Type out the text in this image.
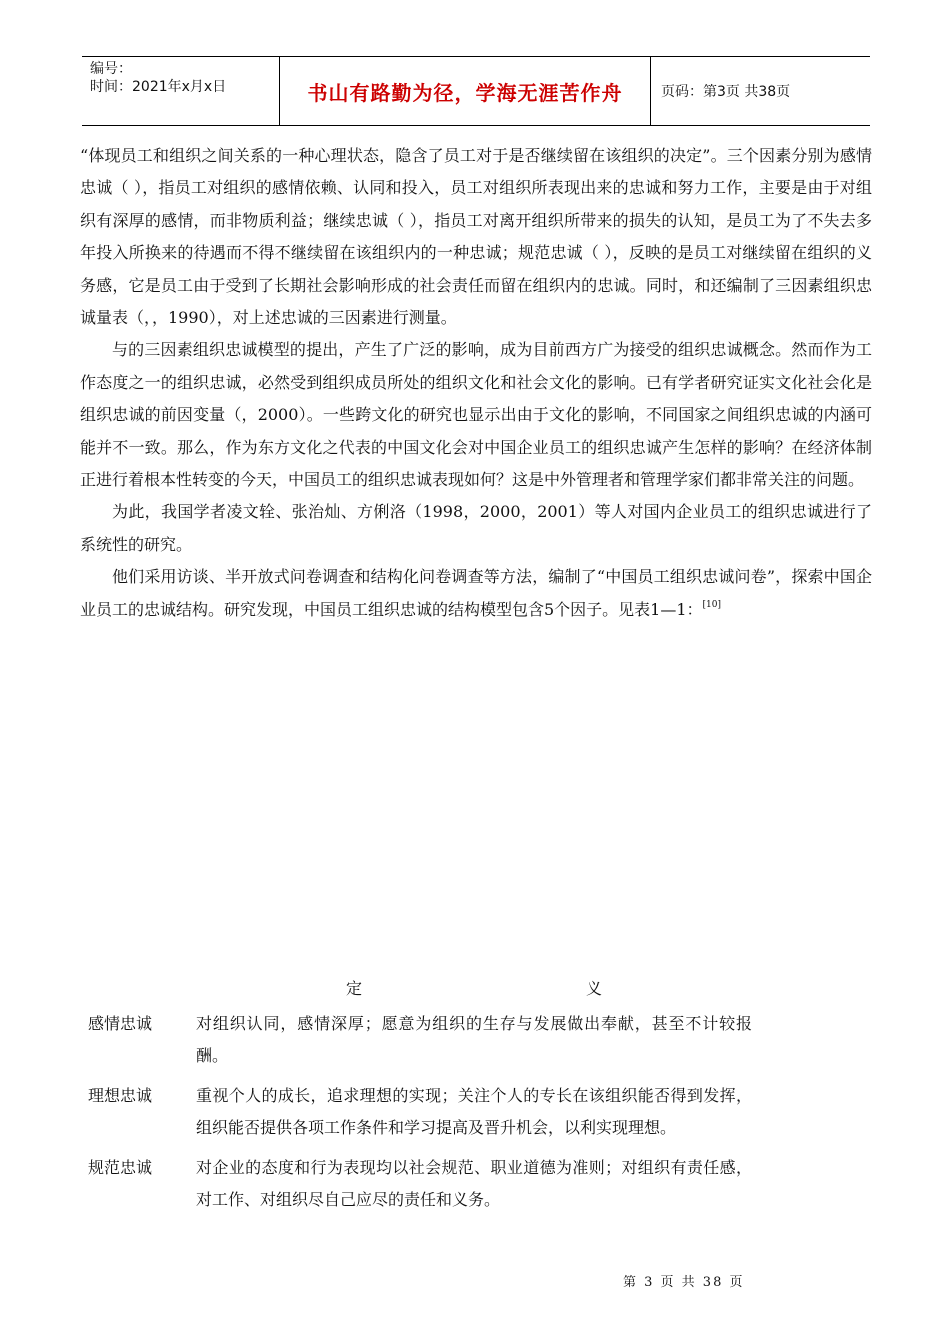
编号：
时间：2021年x月x日	书山有路勤为径，学海无涯苦作舟	页码：第3页 共38页

“体现员工和组织之间关系的一种心理状态，隐含了员工对于是否继续留在该组织的决定”。三个因素分别为感情忠诚（ ），指员工对组织的感情依赖、认同和投入，员工对组织所表现出来的忠诚和努力工作，主要是由于对组织有深厚的感情，而非物质利益；继续忠诚（ ），指员工对离开组织所带来的损失的认知，是员工为了不失去多年投入所换来的待遇而不得不继续留在该组织内的一种忠诚；规范忠诚（ ），反映的是员工对继续留在组织的义务感，它是员工由于受到了长期社会影响形成的社会责任而留在组织内的忠诚。同时，和还编制了三因素组织忠诚量表（，，1990），对上述忠诚的三因素进行测量。

与的三因素组织忠诚模型的提出，产生了广泛的影响，成为目前西方广为接受的组织忠诚概念。然而作为工作态度之一的组织忠诚，必然受到组织成员所处的组织文化和社会文化的影响。已有学者研究证实文化社会化是组织忠诚的前因变量（，2000）。一些跨文化的研究也显示出由于文化的影响，不同国家之间组织忠诚的内涵可能并不一致。那么，作为东方文化之代表的中国文化会对中国企业员工的组织忠诚产生怎样的影响？在经济体制正进行着根本性转变的今天，中国员工的组织忠诚表现如何？这是中外管理者和管理学家们都非常关注的问题。

为此，我国学者凌文辁、张治灿、方俐洛（1998，2000，2001）等人对国内企业员工的组织忠诚进行了系统性的研究。

他们采用访谈、半开放式问卷调查和结构化问卷调查等方法，编制了“中国员工组织忠诚问卷”，探索中国企业员工的忠诚结构。研究发现，中国员工组织忠诚的结构模型包含5个因子。见表1—1：[10]

定	义
感情忠诚	对组织认同，感情深厚；愿意为组织的生存与发展做出奉献，甚至不计较报酬。
理想忠诚	重视个人的成长，追求理想的实现；关注个人的专长在该组织能否得到发挥，组织能否提供各项工作条件和学习提高及晋升机会，以利实现理想。
规范忠诚	对企业的态度和行为表现均以社会规范、职业道德为准则；对组织有责任感，对工作、对组织尽自己应尽的责任和义务。
第 3 页 共 38 页
